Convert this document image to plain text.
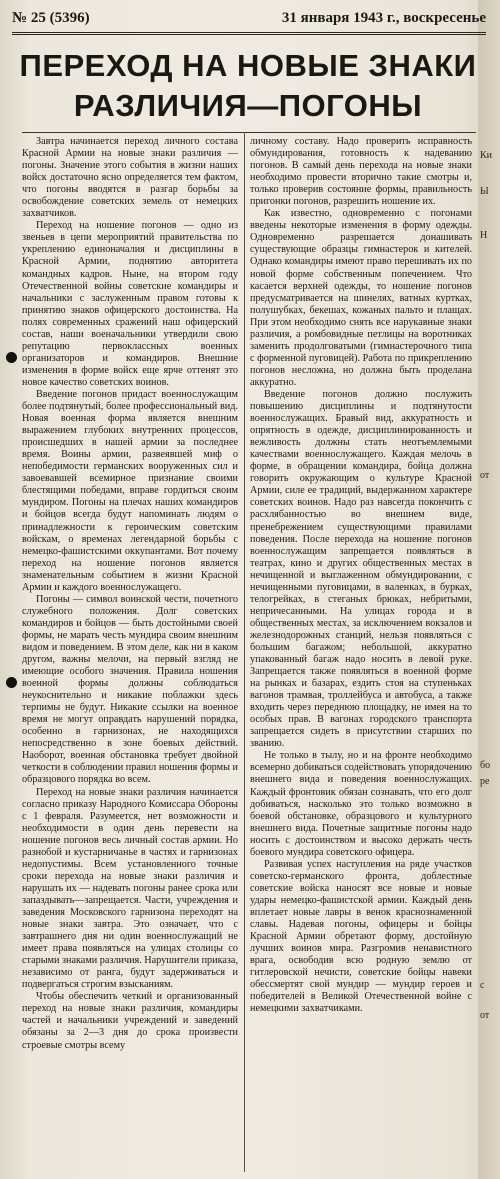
№ 25 (5396)	31 января 1943 г., воскресенье
ПЕРЕХОД НА НОВЫЕ ЗНАКИ
РАЗЛИЧИЯ—ПОГОНЫ

Завтра начинается переход личного состава Красной Армии на новые знаки различия — погоны. Значение этого события в жизни наших войск достаточно ясно определяется тем фактом, что погоны вводятся в разгар борьбы за освобождение советских земель от немецких захватчиков.

Переход на ношение погонов — одно из звеньев в цепи мероприятий правительства по укреплению единоначалия и дисциплины в Красной Армии, поднятию авторитета командных кадров. Ныне, на втором году Отечественной войны советские командиры и начальники с заслуженным правом готовы к принятию знаков офицерского достоинства. На полях современных сражений наш офицерский состав, наши военачальники утвердили свою репутацию первоклассных военных организаторов и командиров. Внешние изменения в форме войск еще ярче оттенят это новое качество советских воинов.

Введение погонов придаст военнослужащим более подтянутый, более профессиональный вид. Новая военная форма является внешним выражением глубоких внутренних процессов, происшедших в нашей армии за последнее время. Воины армии, развеявшей миф о непобедимости германских вооруженных сил и завоевавшей всемирное признание своими блестящими победами, вправе гордиться своим мундиром. Погоны на плечах наших командиров и бойцов всегда будут напоминать людям о принадлежности к героическим советским войскам, о временах легендарной борьбы с немецко-фашистскими оккупантами. Вот почему переход на ношение погонов является знаменательным событием в жизни Красной Армии и каждого военнослужащего.

Погоны — символ воинской чести, почетного служебного положения. Долг советских командиров и бойцов — быть достойными своей формы, не марать честь мундира своим внешним видом и поведением. В этом деле, как ни в каком другом, важны мелочи, на первый взгляд не имеющие особого значения. Правила ношения военной формы должны соблюдаться неукоснительно и никакие поблажки здесь терпимы не будут. Никакие ссылки на военное время не могут оправдать нарушений порядка, особенно в гарнизонах, не находящихся непосредственно в зоне боевых действий. Наоборот, военная обстановка требует двойной четкости в соблюдении правил ношения формы и образцового порядка во всем.

Переход на новые знаки различия начинается согласно приказу Народного Комиссара Обороны с 1 февраля. Разумеется, нет возможности и необходимости в один день перевести на ношение погонов весь личный состав армии. Но разнобой и кустарничанье в частях и гарнизонах недопустимы. Всем установленного точные сроки перехода на новые знаки различия и нарушать их — надевать погоны ранее срока или запаздывать—запрещается. Части, учреждения и заведения Московского гарнизона переходят на новые знаки завтра. Это означает, что с завтрашнего дня ни один военнослужащий не имеет права появляться на улицах столицы со старыми знаками различия. Нарушители приказа, независимо от ранга, будут задерживаться и подвергаться строгим взысканиям.

Чтобы обеспечить четкий и организованный переход на новые знаки различия, командиры частей и начальники учреждений и заведений обязаны за 2—3 дня до срока произвести строевые смотры всему

личному составу. Надо проверить исправность обмундирования, готовность к надеванию погонов. В самый день перехода на новые знаки необходимо провести вторично такие смотры и, только проверив состояние формы, правильность пригонки погонов, разрешить ношение их.

Как известно, одновременно с погонами введены некоторые изменения в форму одежды. Одновременно разрешается донашивать существующие образцы гимнастерок и кителей. Однако командиры имеют право перешивать их по новой форме собственным попечением. Что касается верхней одежды, то ношение погонов предусматривается на шинелях, ватных куртках, полушубках, бекешах, кожаных пальто и плащах. При этом необходимо снять все нарукавные знаки различия, а ромбовидные петлицы на воротниках заменить продолговатыми (гимнастерочного типа с форменной пуговицей). Работа по прикреплению погонов несложна, но должна быть проделана аккуратно.

Введение погонов должно послужить повышению дисциплины и подтянутости военнослужащих. Бравый вид, аккуратность и опрятность в одежде, дисциплинированность и вежливость должны стать неотъемлемыми качествами военнослужащего. Каждая мелочь в форме, в обращении командира, бойца должна говорить окружающим о культуре Красной Армии, силе ее традиций, выдержанном характере советских воинов. Надо раз навсегда покончить с расхлябанностью во внешнем виде, пренебрежением существующими правилами поведения. После перехода на ношение погонов военнослужащим запрещается появляться в театрах, кино и других общественных местах в нечищенной и выглаженном обмундировании, с нечищенными пуговицами, в валенках, в бурках, телогрейках, в стеганых брюках, небритыми, непричесанными. На улицах города и в общественных местах, за исключением вокзалов и железнодорожных станций, нельзя появляться с большим багажом; небольшой, аккуратно упакованный багаж надо носить в левой руке. Запрещается также появляться в военной форме на рынках и базарах, ездить стоя на ступеньках вагонов трамвая, троллейбуса и автобуса, а также входить через переднюю площадку, не имея на то особых прав. В вагонах городского транспорта запрещается сидеть в присутствии старших по званию.

Не только в тылу, но и на фронте необходимо всемерно добиваться содействовать упорядочению внешнего вида и поведения военнослужащих. Каждый фронтовик обязан сознавать, что его долг добиваться, насколько это только возможно в боевой обстановке, образцового и культурного внешнего вида. Почетные защитные погоны надо носить с достоинством и высоко держать честь боевого мундира советского офицера.

Развивая успех наступления на ряде участков советско-германского фронта, доблестные советские войска наносят все новые и новые удары немецко-фашистской армии. Каждый день вплетает новые лавры в венок краснознаменной славы. Надевая погоны, офицеры и бойцы Красной Армии обретают форму, достойную лучших воинов мира. Разгромив ненавистного врага, освободив всю родную землю от гитлеровской нечисти, советские бойцы навеки обессмертят свой мундир — мундир героев и победителей в Великой Отечественной войне с немецкими захватчиками.

Ки
Ы
Н
от
бо
ре
с
от
